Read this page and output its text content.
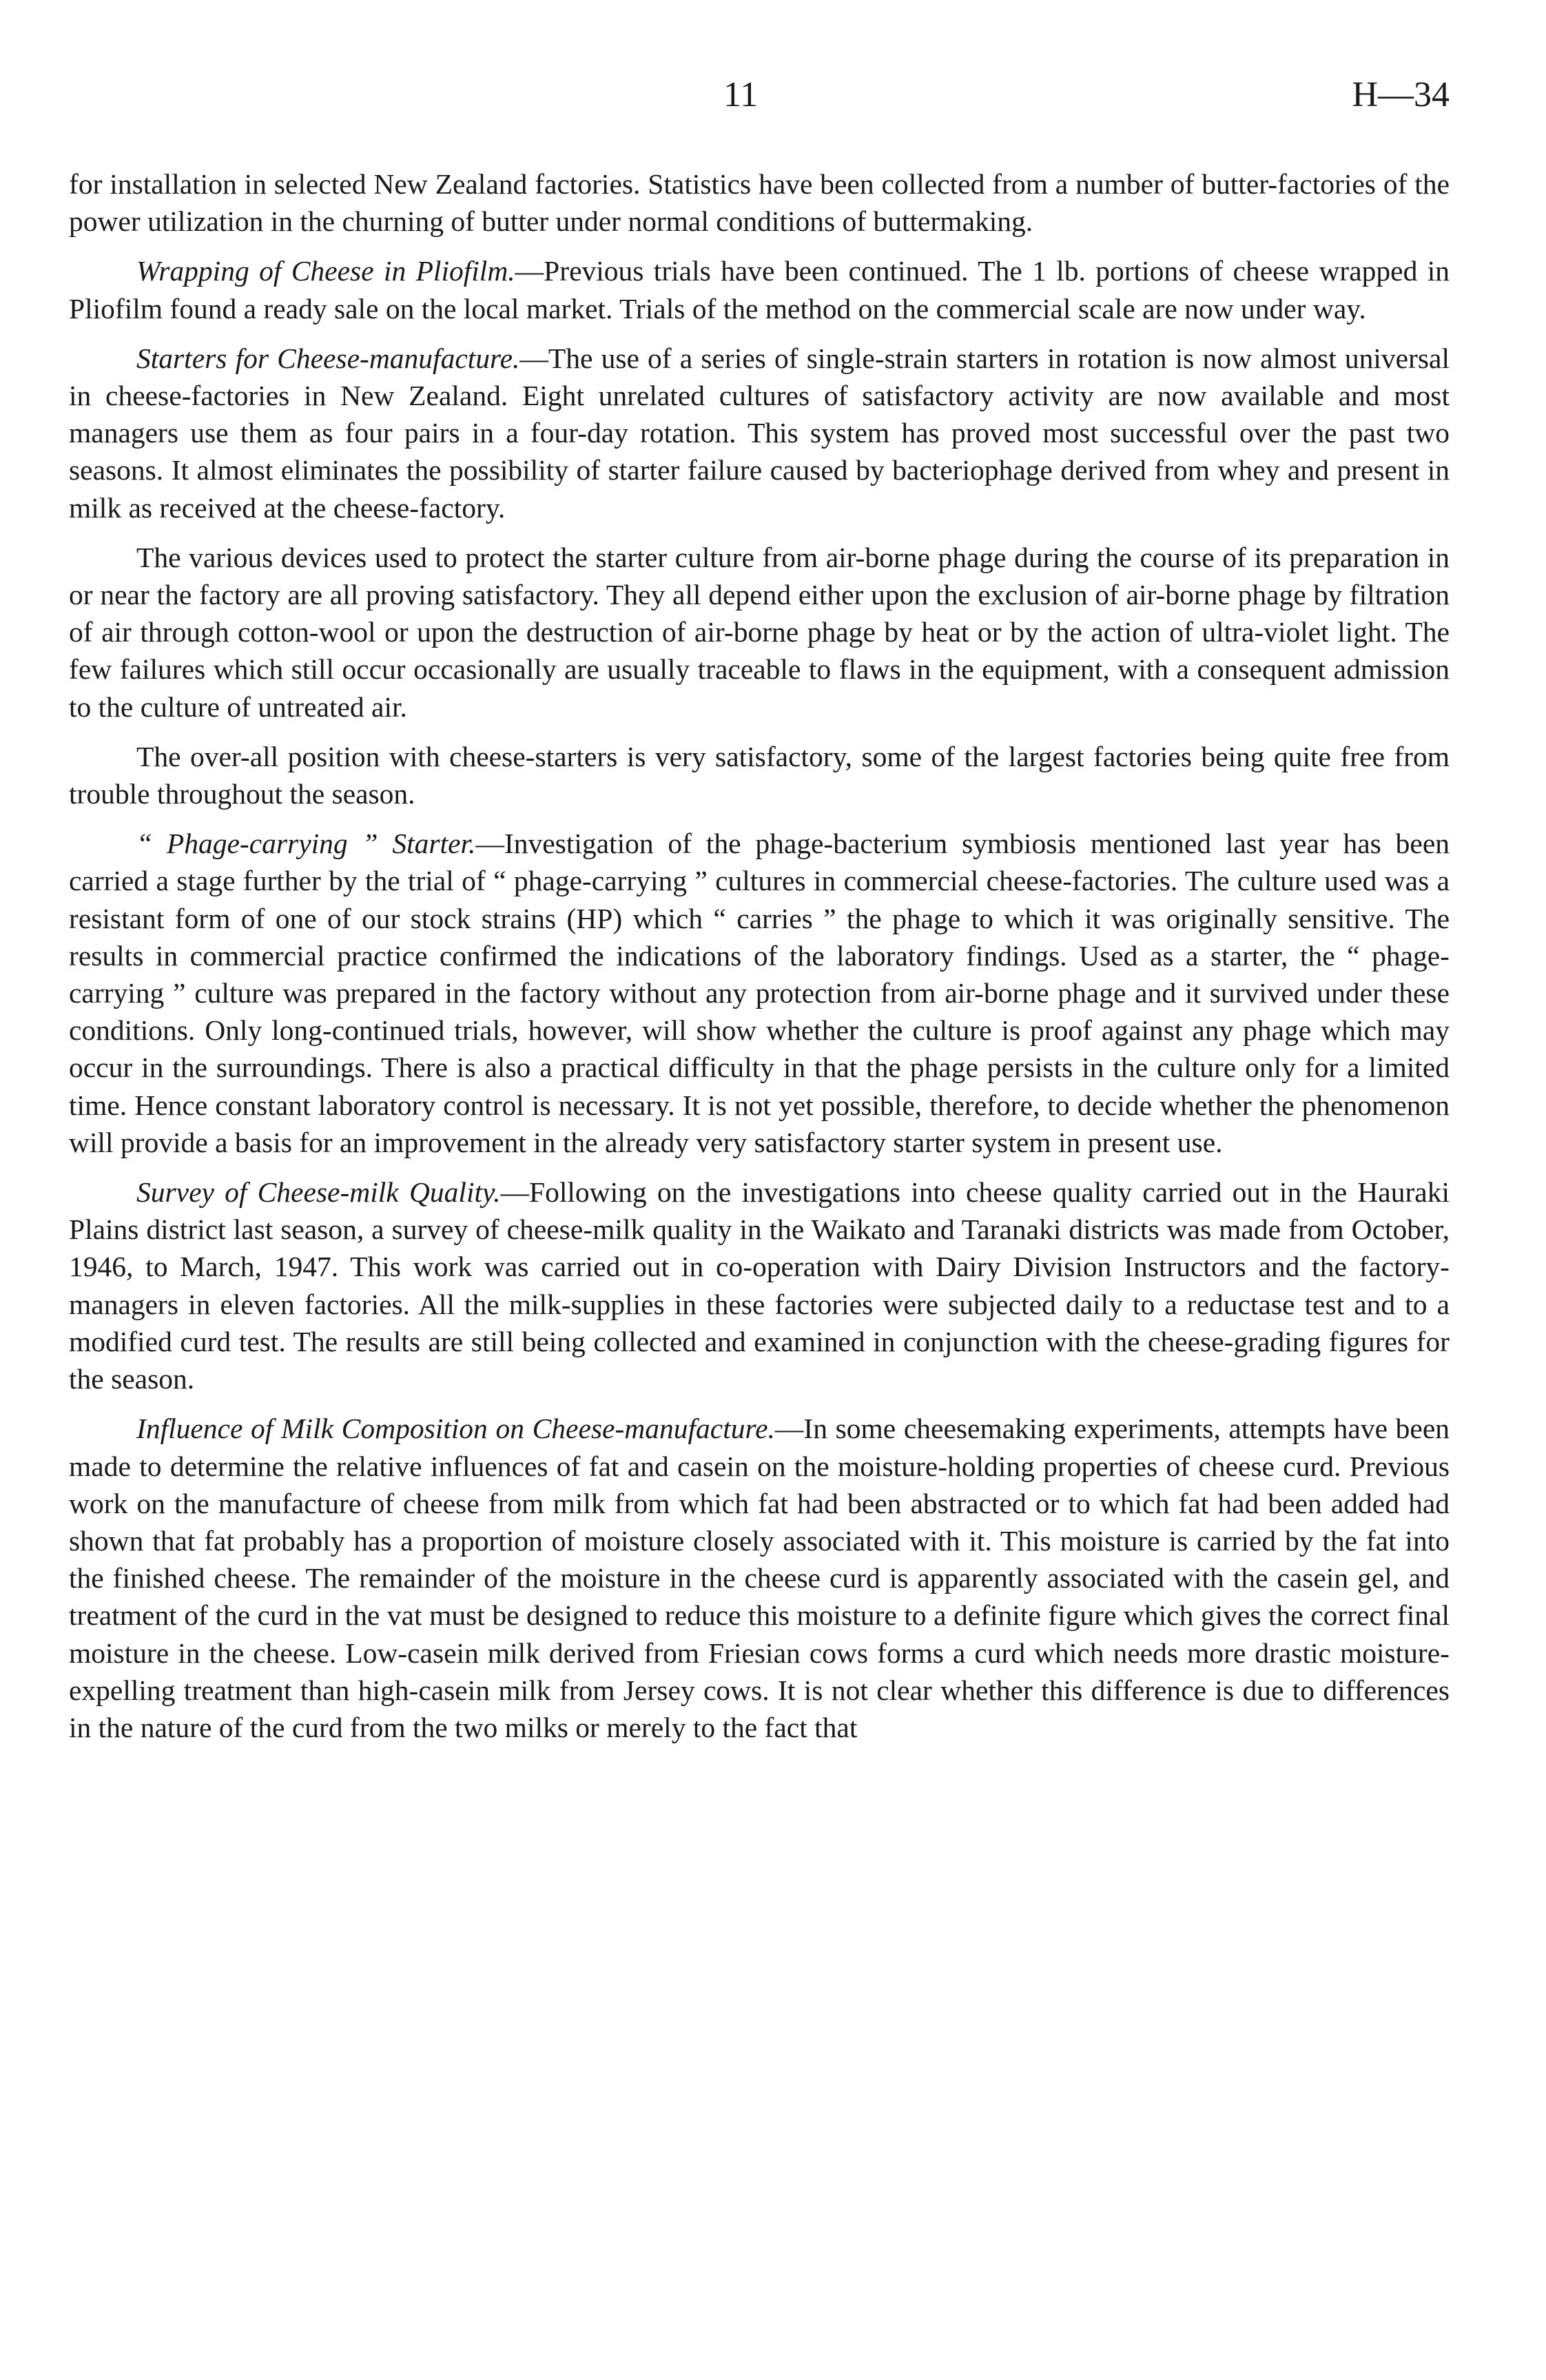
11	H—34

for installation in selected New Zealand factories. Statistics have been collected from a number of butter-factories of the power utilization in the churning of butter under normal conditions of buttermaking.

Wrapping of Cheese in Pliofilm.—Previous trials have been continued. The 1 lb. portions of cheese wrapped in Pliofilm found a ready sale on the local market. Trials of the method on the commercial scale are now under way.

Starters for Cheese-manufacture.—The use of a series of single-strain starters in rotation is now almost universal in cheese-factories in New Zealand. Eight unrelated cultures of satisfactory activity are now available and most managers use them as four pairs in a four-day rotation. This system has proved most successful over the past two seasons. It almost eliminates the possibility of starter failure caused by bacteriophage derived from whey and present in milk as received at the cheese-factory.

The various devices used to protect the starter culture from air-borne phage during the course of its preparation in or near the factory are all proving satisfactory. They all depend either upon the exclusion of air-borne phage by filtration of air through cotton-wool or upon the destruction of air-borne phage by heat or by the action of ultra-violet light. The few failures which still occur occasionally are usually traceable to flaws in the equipment, with a consequent admission to the culture of untreated air.

The over-all position with cheese-starters is very satisfactory, some of the largest factories being quite free from trouble throughout the season.

“ Phage-carrying ” Starter.—Investigation of the phage-bacterium symbiosis mentioned last year has been carried a stage further by the trial of “ phage-carrying ” cultures in commercial cheese-factories. The culture used was a resistant form of one of our stock strains (HP) which “ carries ” the phage to which it was originally sensitive. The results in commercial practice confirmed the indications of the laboratory findings. Used as a starter, the “ phage-carrying ” culture was prepared in the factory without any protection from air-borne phage and it survived under these conditions. Only long-continued trials, however, will show whether the culture is proof against any phage which may occur in the surroundings. There is also a practical difficulty in that the phage persists in the culture only for a limited time. Hence constant laboratory control is necessary. It is not yet possible, therefore, to decide whether the phenomenon will provide a basis for an improvement in the already very satisfactory starter system in present use.

Survey of Cheese-milk Quality.—Following on the investigations into cheese quality carried out in the Hauraki Plains district last season, a survey of cheese-milk quality in the Waikato and Taranaki districts was made from October, 1946, to March, 1947. This work was carried out in co-operation with Dairy Division Instructors and the factory-managers in eleven factories. All the milk-supplies in these factories were subjected daily to a reductase test and to a modified curd test. The results are still being collected and examined in conjunction with the cheese-grading figures for the season.

Influence of Milk Composition on Cheese-manufacture.—In some cheesemaking experiments, attempts have been made to determine the relative influences of fat and casein on the moisture-holding properties of cheese curd. Previous work on the manufacture of cheese from milk from which fat had been abstracted or to which fat had been added had shown that fat probably has a proportion of moisture closely associated with it. This moisture is carried by the fat into the finished cheese. The remainder of the moisture in the cheese curd is apparently associated with the casein gel, and treatment of the curd in the vat must be designed to reduce this moisture to a definite figure which gives the correct final moisture in the cheese. Low-casein milk derived from Friesian cows forms a curd which needs more drastic moisture-expelling treatment than high-casein milk from Jersey cows. It is not clear whether this difference is due to differences in the nature of the curd from the two milks or merely to the fact that
